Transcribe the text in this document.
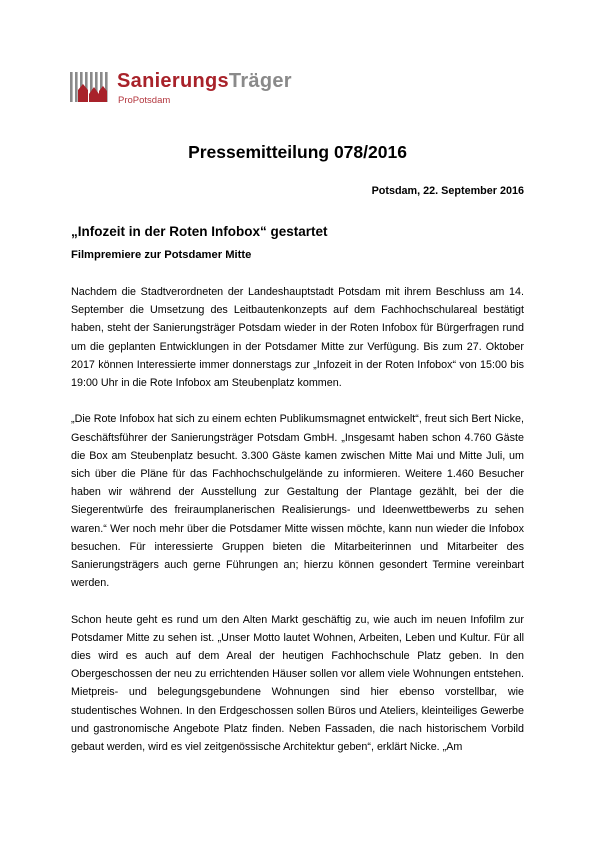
SanierungsTräger
ProPotsdam
Pressemitteilung 078/2016
Potsdam, 22. September 2016
„Infozeit in der Roten Infobox“ gestartet
Filmpremiere zur Potsdamer Mitte

Nachdem die Stadtverordneten der Landeshauptstadt Potsdam mit ihrem Beschluss am 14. September die Umsetzung des Leitbautenkonzepts auf dem Fachhochschulareal bestätigt haben, steht der Sanierungsträger Potsdam wieder in der Roten Infobox für Bürgerfragen rund um die geplanten Entwicklungen in der Potsdamer Mitte zur Verfügung. Bis zum 27. Oktober 2017 können Interessierte immer donnerstags zur „Infozeit in der Roten Infobox“ von 15:00 bis 19:00 Uhr in die Rote Infobox am Steubenplatz kommen.

„Die Rote Infobox hat sich zu einem echten Publikumsmagnet entwickelt“, freut sich Bert Nicke, Geschäftsführer der Sanierungsträger Potsdam GmbH. „Insgesamt haben schon 4.760 Gäste die Box am Steubenplatz besucht. 3.300 Gäste kamen zwischen Mitte Mai und Mitte Juli, um sich über die Pläne für das Fachhochschulgelände zu informieren. Weitere 1.460 Besucher haben wir während der Ausstellung zur Gestaltung der Plantage gezählt, bei der die Siegerentwürfe des freiraumplanerischen Realisierungs- und Ideenwettbewerbs zu sehen waren.“ Wer noch mehr über die Potsdamer Mitte wissen möchte, kann nun wieder die Infobox besuchen. Für interessierte Gruppen bieten die Mitarbeiterinnen und Mitarbeiter des Sanierungsträgers auch gerne Führungen an; hierzu können gesondert Termine vereinbart werden.

Schon heute geht es rund um den Alten Markt geschäftig zu, wie auch im neuen Infofilm zur Potsdamer Mitte zu sehen ist. „Unser Motto lautet Wohnen, Arbeiten, Leben und Kultur. Für all dies wird es auch auf dem Areal der heutigen Fachhochschule Platz geben. In den Obergeschossen der neu zu errichtenden Häuser sollen vor allem viele Wohnungen entstehen. Mietpreis- und belegungsgebundene Wohnungen sind hier ebenso vorstellbar, wie studentisches Wohnen. In den Erdgeschossen sollen Büros und Ateliers, kleinteiliges Gewerbe und gastronomische Angebote Platz finden. Neben Fassaden, die nach historischem Vorbild gebaut werden, wird es viel zeitgenössische Architektur geben“, erklärt Nicke. „Am
